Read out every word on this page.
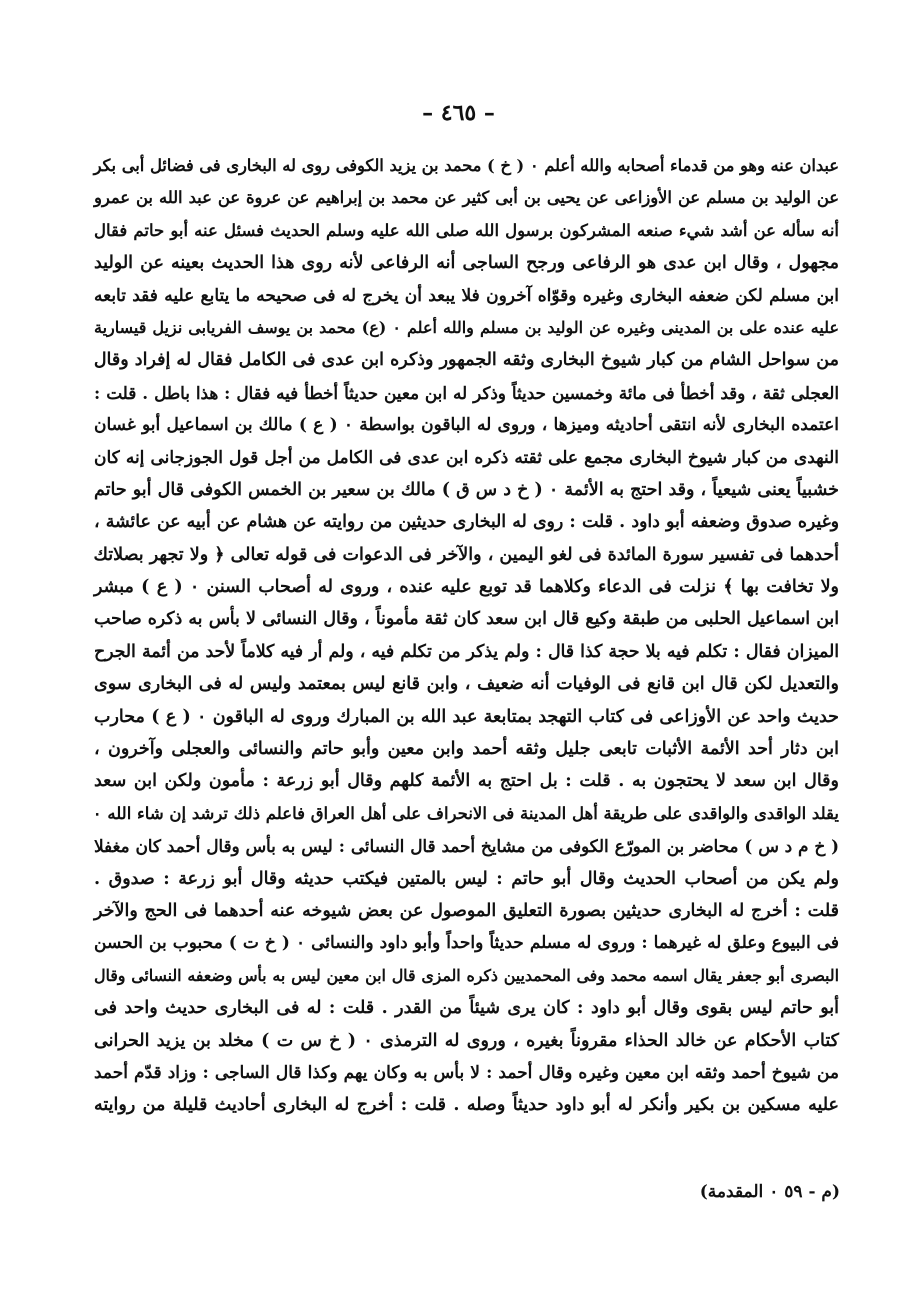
– ٤٦٥ –
عبدان عنه وهو من قدماء أصحابه والله أعلم ٠ ( خ ) محمد بن يزيد الكوفى روى له البخارى فى فضائل أبى بكر
عن الوليد بن مسلم عن الأوزاعى عن يحيى بن أبى كثير عن محمد بن إبراهيم عن عروة عن عبد الله بن عمرو
أنه سأله عن أشد شيء صنعه المشركون برسول الله صلى الله عليه وسلم الحديث فسئل عنه أبو حاتم فقال
مجهول ، وقال ابن عدى هو الرفاعى ورجح الساجى أنه الرفاعى لأنه روى هذا الحديث بعينه عن الوليد
ابن مسلم لكن ضعفه البخارى وغيره وقوّاه آخرون فلا يبعد أن يخرج له فى صحيحه ما يتابع عليه فقد تابعه
عليه عنده على بن المدينى وغيره عن الوليد بن مسلم والله أعلم ٠ (ع) محمد بن يوسف الفريابى نزيل قيسارية
من سواحل الشام من كبار شيوخ البخارى وثقه الجمهور وذكره ابن عدى فى الكامل فقال له إفراد وقال
العجلى ثقة ، وقد أخطأ فى مائة وخمسين حديثاً وذكر له ابن معين حديثاً أخطأ فيه فقال : هذا باطل . قلت :
اعتمده البخارى لأنه انتقى أحاديثه وميزها ، وروى له الباقون بواسطة ٠ ( ع ) مالك بن اسماعيل أبو غسان
النهدى من كبار شيوخ البخارى مجمع على ثقته ذكره ابن عدى فى الكامل من أجل قول الجوزجانى إنه كان
خشبياً يعنى شيعياً ، وقد احتج به الأئمة ٠ ( خ د س ق ) مالك بن سعير بن الخمس الكوفى قال أبو حاتم
وغيره صدوق وضعفه أبو داود . قلت : روى له البخارى حديثين من روايته عن هشام عن أبيه عن عائشة ،
أحدهما فى تفسير سورة المائدة فى لغو اليمين ، والآخر فى الدعوات فى قوله تعالى ﴿ ولا تجهر بصلاتك
ولا تخافت بها ﴾ نزلت فى الدعاء وكلاهما قد توبع عليه عنده ، وروى له أصحاب السنن ٠ ( ع ) مبشر
ابن اسماعيل الحلبى من طبقة وكيع قال ابن سعد كان ثقة مأموناً ، وقال النسائى لا بأس به ذكره صاحب
الميزان فقال : تكلم فيه بلا حجة كذا قال : ولم يذكر من تكلم فيه ، ولم أر فيه كلاماً لأحد من أئمة الجرح
والتعديل لكن قال ابن قانع فى الوفيات أنه ضعيف ، وابن قانع ليس بمعتمد وليس له فى البخارى سوى
حديث واحد عن الأوزاعى فى كتاب التهجد بمتابعة عبد الله بن المبارك وروى له الباقون ٠ ( ع ) محارب
ابن دثار أحد الأئمة الأثبات تابعى جليل وثقه أحمد وابن معين وأبو حاتم والنسائى والعجلى وآخرون ،
وقال ابن سعد لا يحتجون به . قلت : بل احتج به الأئمة كلهم وقال أبو زرعة : مأمون ولكن ابن سعد
يقلد الواقدى والواقدى على طريقة أهل المدينة فى الانحراف على أهل العراق فاعلم ذلك ترشد إن شاء الله ٠
( خ م د س ) محاضر بن المورّع الكوفى من مشايخ أحمد قال النسائى : ليس به بأس وقال أحمد كان مغفلا
ولم يكن من أصحاب الحديث وقال أبو حاتم : ليس بالمتين فيكتب حديثه وقال أبو زرعة : صدوق .
قلت : أخرج له البخارى حديثين بصورة التعليق الموصول عن بعض شيوخه عنه أحدهما فى الحج والآخر
فى البيوع وعلق له غيرهما : وروى له مسلم حديثاً واحداً وأبو داود والنسائى ٠ ( خ ت ) محبوب بن الحسن
البصرى أبو جعفر يقال اسمه محمد وفى المحمديين ذكره المزى قال ابن معين ليس به بأس وضعفه النسائى وقال
أبو حاتم ليس بقوى وقال أبو داود : كان يرى شيئاً من القدر . قلت : له فى البخارى حديث واحد فى
كتاب الأحكام عن خالد الحذاء مقروناً بغيره ، وروى له الترمذى ٠ ( خ س ت ) مخلد بن يزيد الحرانى
من شيوخ أحمد وثقه ابن معين وغيره وقال أحمد : لا بأس به وكان يهم وكذا قال الساجى : وزاد قدّم أحمد
عليه مسكين بن بكير وأنكر له أبو داود حديثاً وصله . قلت : أخرج له البخارى أحاديث قليلة من روايته
(م - ٥٩ ٠ المقدمة)
